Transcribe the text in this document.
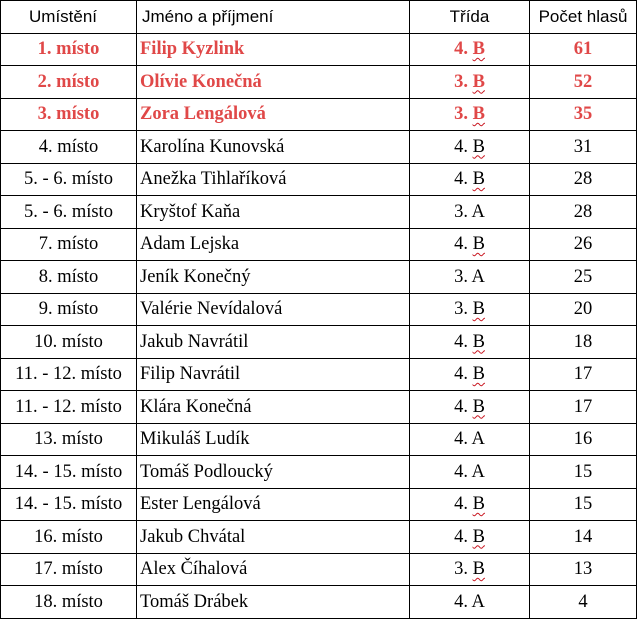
Umístění	Jméno a příjmení	Třída	Počet hlasů
1. místo	Filip Kyzlink	4. B	61
2. místo	Olívie Konečná	3. B	52
3. místo	Zora Lengálová	3. B	35
4. místo	Karolína Kunovská	4. B	31
5. - 6. místo	Anežka Tihlaříková	4. B	28
5. - 6. místo	Kryštof Kaňa	3. A	28
7. místo	Adam Lejska	4. B	26
8. místo	Jeník Konečný	3. A	25
9. místo	Valérie Nevídalová	3. B	20
10. místo	Jakub Navrátil	4. B	18
11. - 12. místo	Filip Navrátil	4. B	17
11. - 12. místo	Klára Konečná	4. B	17
13. místo	Mikuláš Ludík	4. A	16
14. - 15. místo	Tomáš Podloucký	4. A	15
14. - 15. místo	Ester Lengálová	4. B	15
16. místo	Jakub Chvátal	4. B	14
17. místo	Alex Číhalová	3. B	13
18. místo	Tomáš Drábek	4. A	4
